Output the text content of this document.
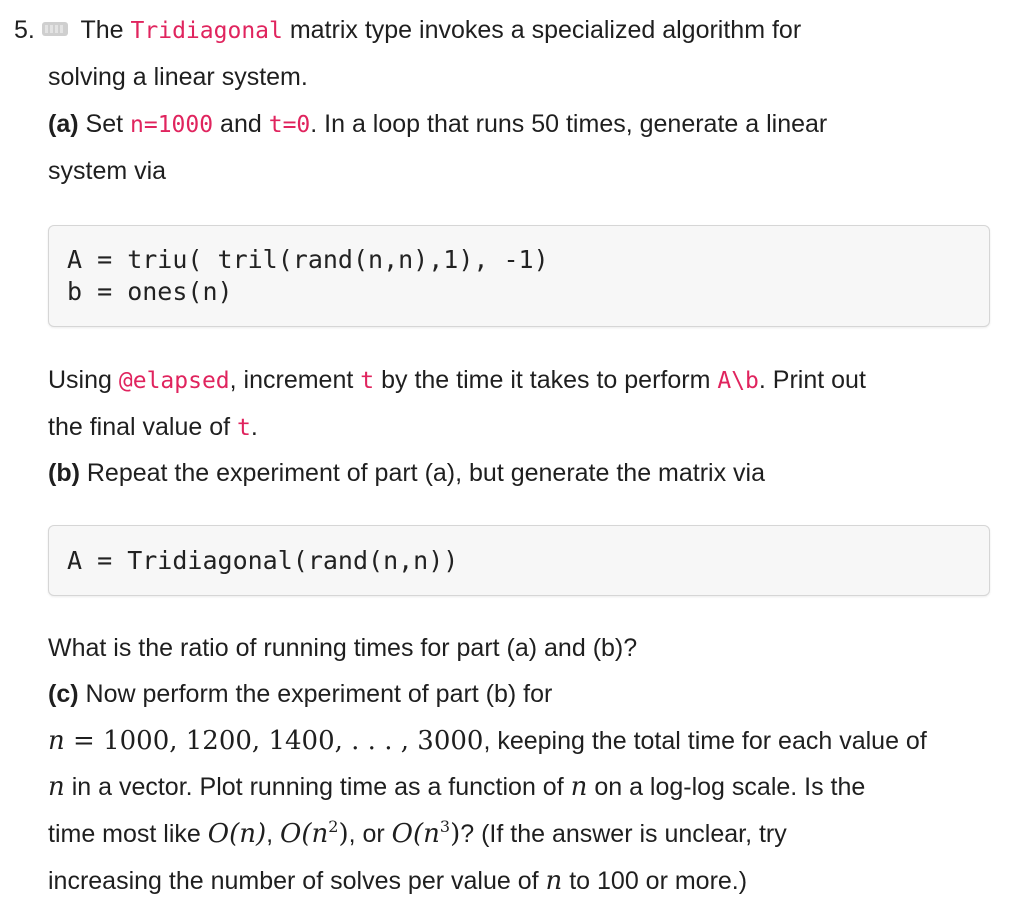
5.	The Tridiagonal matrix type invokes a specialized algorithm for
solving a linear system.
(a) Set n=1000 and t=0. In a loop that runs 50 times, generate a linear
system via
A = triu( tril(rand(n,n),1), -1)
b = ones(n)
Using @elapsed, increment t by the time it takes to perform A\b. Print out
the final value of t.
(b) Repeat the experiment of part (a), but generate the matrix via
A = Tridiagonal(rand(n,n))
What is the ratio of running times for part (a) and (b)?
(c) Now perform the experiment of part (b) for
n = 1000, 1200, 1400, . . . , 3000, keeping the total time for each value of
n in a vector. Plot running time as a function of n on a log-log scale. Is the
time most like O(n), $O(n^2)$, or $O(n^3)$? (If the answer is unclear, try
increasing the number of solves per value of n to 100 or more.)
